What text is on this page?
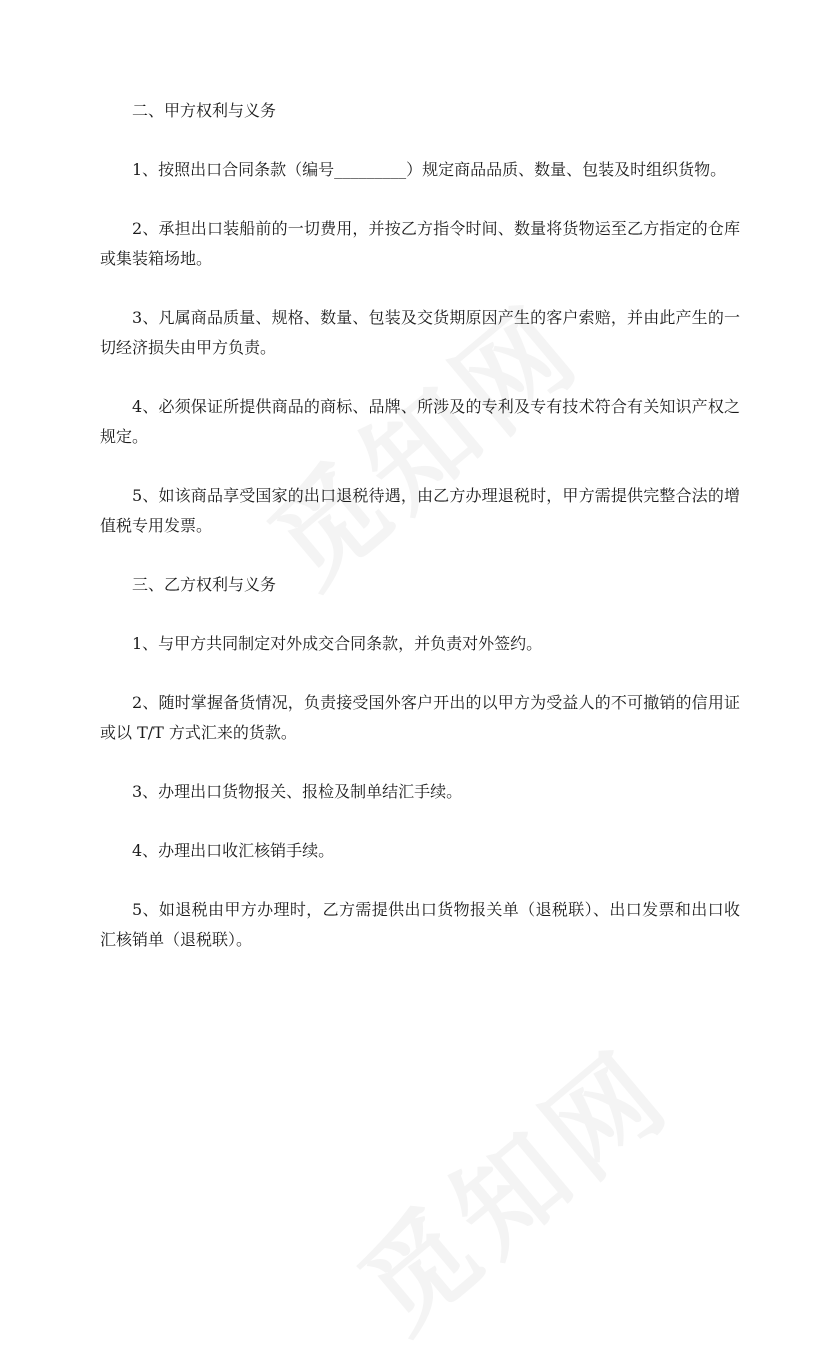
二、甲方权利与义务

1、按照出口合同条款（编号_________）规定商品品质、数量、包装及时组织货物。

2、承担出口装船前的一切费用，并按乙方指令时间、数量将货物运至乙方指定的仓库或集装箱场地。

3、凡属商品质量、规格、数量、包装及交货期原因产生的客户索赔，并由此产生的一切经济损失由甲方负责。

4、必须保证所提供商品的商标、品牌、所涉及的专利及专有技术符合有关知识产权之规定。

5、如该商品享受国家的出口退税待遇，由乙方办理退税时，甲方需提供完整合法的增值税专用发票。

三、乙方权利与义务

1、与甲方共同制定对外成交合同条款，并负责对外签约。

2、随时掌握备货情况，负责接受国外客户开出的以甲方为受益人的不可撤销的信用证或以 T/T 方式汇来的货款。

3、办理出口货物报关、报检及制单结汇手续。

4、办理出口收汇核销手续。

5、如退税由甲方办理时，乙方需提供出口货物报关单（退税联）、出口发票和出口收汇核销单（退税联）。
